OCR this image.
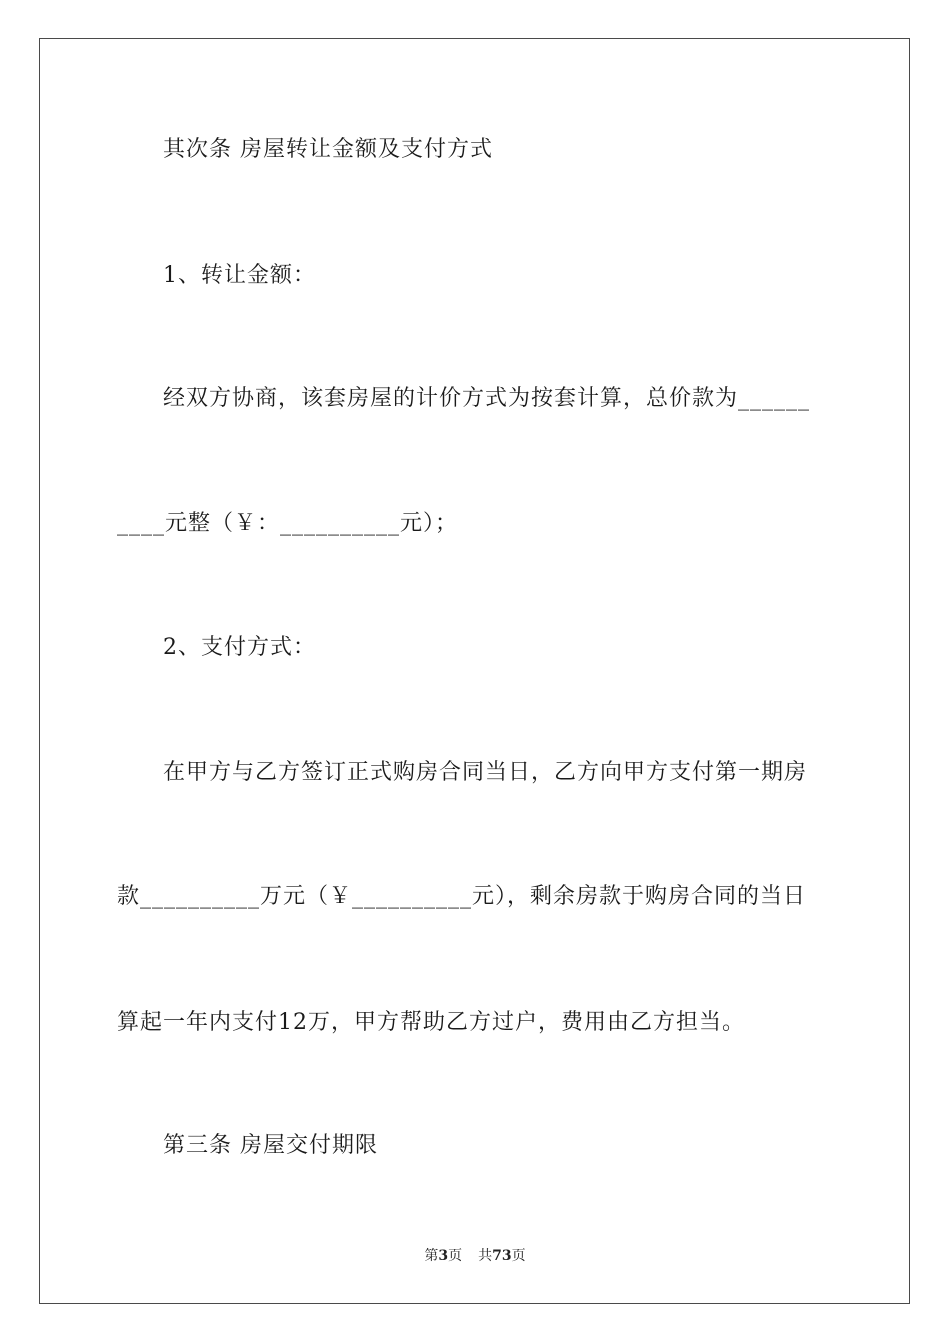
其次条 房屋转让金额及支付方式
1、转让金额：
经双方协商，该套房屋的计价方式为按套计算，总价款为______
____元整（￥：__________元）；
2、支付方式：
在甲方与乙方签订正式购房合同当日，乙方向甲方支付第一期房
款__________万元（￥__________元），剩余房款于购房合同的当日
算起一年内支付12万，甲方帮助乙方过户，费用由乙方担当。
第三条 房屋交付期限
第3页 共73页
